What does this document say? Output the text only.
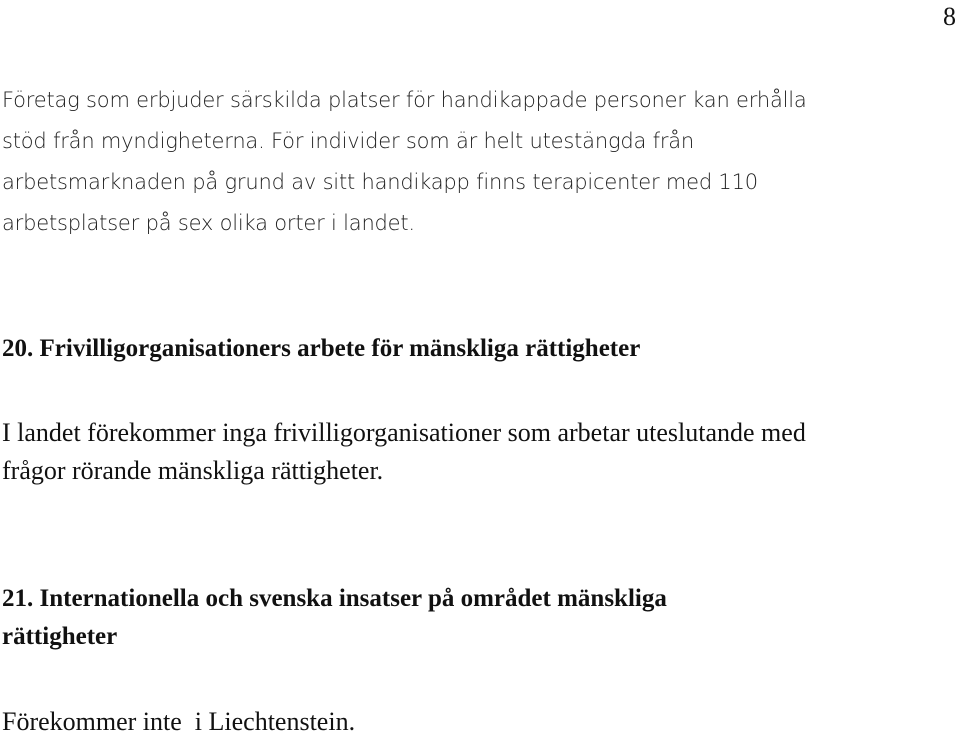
8
Företag som erbjuder särskilda platser för handikappade personer kan erhålla
stöd från myndigheterna. För individer som är helt utestängda från
arbetsmarknaden på grund av sitt handikapp finns terapicenter med 110
arbetsplatser på sex olika orter i landet.
20. Frivilligorganisationers arbete för mänskliga rättigheter
I landet förekommer inga frivilligorganisationer som arbetar uteslutande med
frågor rörande mänskliga rättigheter.
21. Internationella och svenska insatser på området mänskliga
rättigheter
Förekommer inte  i Liechtenstein.
